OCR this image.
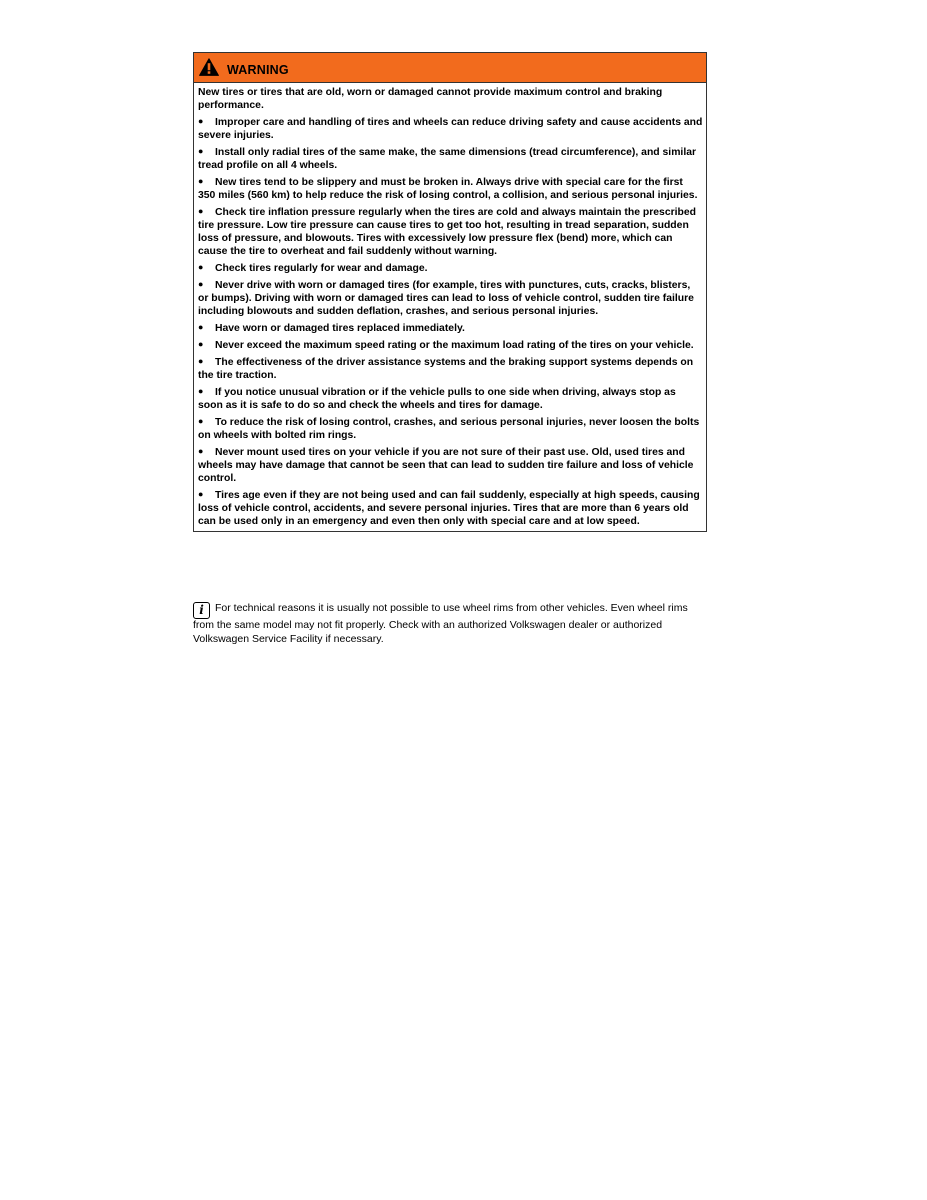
WARNING

New tires or tires that are old, worn or damaged cannot provide maximum control and braking performance.

● Improper care and handling of tires and wheels can reduce driving safety and cause accidents and severe injuries.

● Install only radial tires of the same make, the same dimensions (tread circumference), and similar tread profile on all 4 wheels.

● New tires tend to be slippery and must be broken in. Always drive with special care for the first 350 miles (560 km) to help reduce the risk of losing control, a collision, and serious personal injuries.

● Check tire inflation pressure regularly when the tires are cold and always maintain the prescribed tire pressure. Low tire pressure can cause tires to get too hot, resulting in tread separation, sudden loss of pressure, and blowouts. Tires with excessively low pressure flex (bend) more, which can cause the tire to overheat and fail suddenly without warning.

● Check tires regularly for wear and damage.

● Never drive with worn or damaged tires (for example, tires with punctures, cuts, cracks, blisters, or bumps). Driving with worn or damaged tires can lead to loss of vehicle control, sudden tire failure including blowouts and sudden deflation, crashes, and serious personal injuries.

● Have worn or damaged tires replaced immediately.

● Never exceed the maximum speed rating or the maximum load rating of the tires on your vehicle.

● The effectiveness of the driver assistance systems and the braking support systems depends on the tire traction.

● If you notice unusual vibration or if the vehicle pulls to one side when driving, always stop as soon as it is safe to do so and check the wheels and tires for damage.

● To reduce the risk of losing control, crashes, and serious personal injuries, never loosen the bolts on wheels with bolted rim rings.

● Never mount used tires on your vehicle if you are not sure of their past use. Old, used tires and wheels may have damage that cannot be seen that can lead to sudden tire failure and loss of vehicle control.

● Tires age even if they are not being used and can fail suddenly, especially at high speeds, causing loss of vehicle control, accidents, and severe personal injuries. Tires that are more than 6 years old can be used only in an emergency and even then only with special care and at low speed.

i For technical reasons it is usually not possible to use wheel rims from other vehicles. Even wheel rims from the same model may not fit properly. Check with an authorized Volkswagen dealer or authorized Volkswagen Service Facility if necessary.
